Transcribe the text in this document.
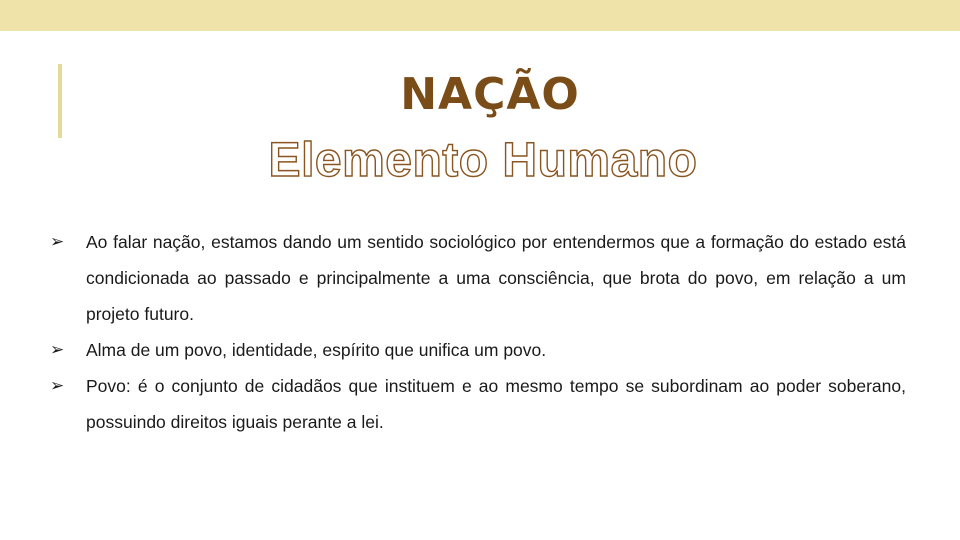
NAÇÃO
Elemento Humano
➢	Ao falar nação, estamos dando um sentido sociológico por entendermos que a formação do estado está condicionada ao passado e principalmente a uma consciência, que brota do povo, em relação a um projeto futuro.
➢	Alma de um povo, identidade, espírito que unifica um povo.
➢	Povo: é o conjunto de cidadãos que instituem e ao mesmo tempo se subordinam ao poder soberano, possuindo direitos iguais perante a lei.
